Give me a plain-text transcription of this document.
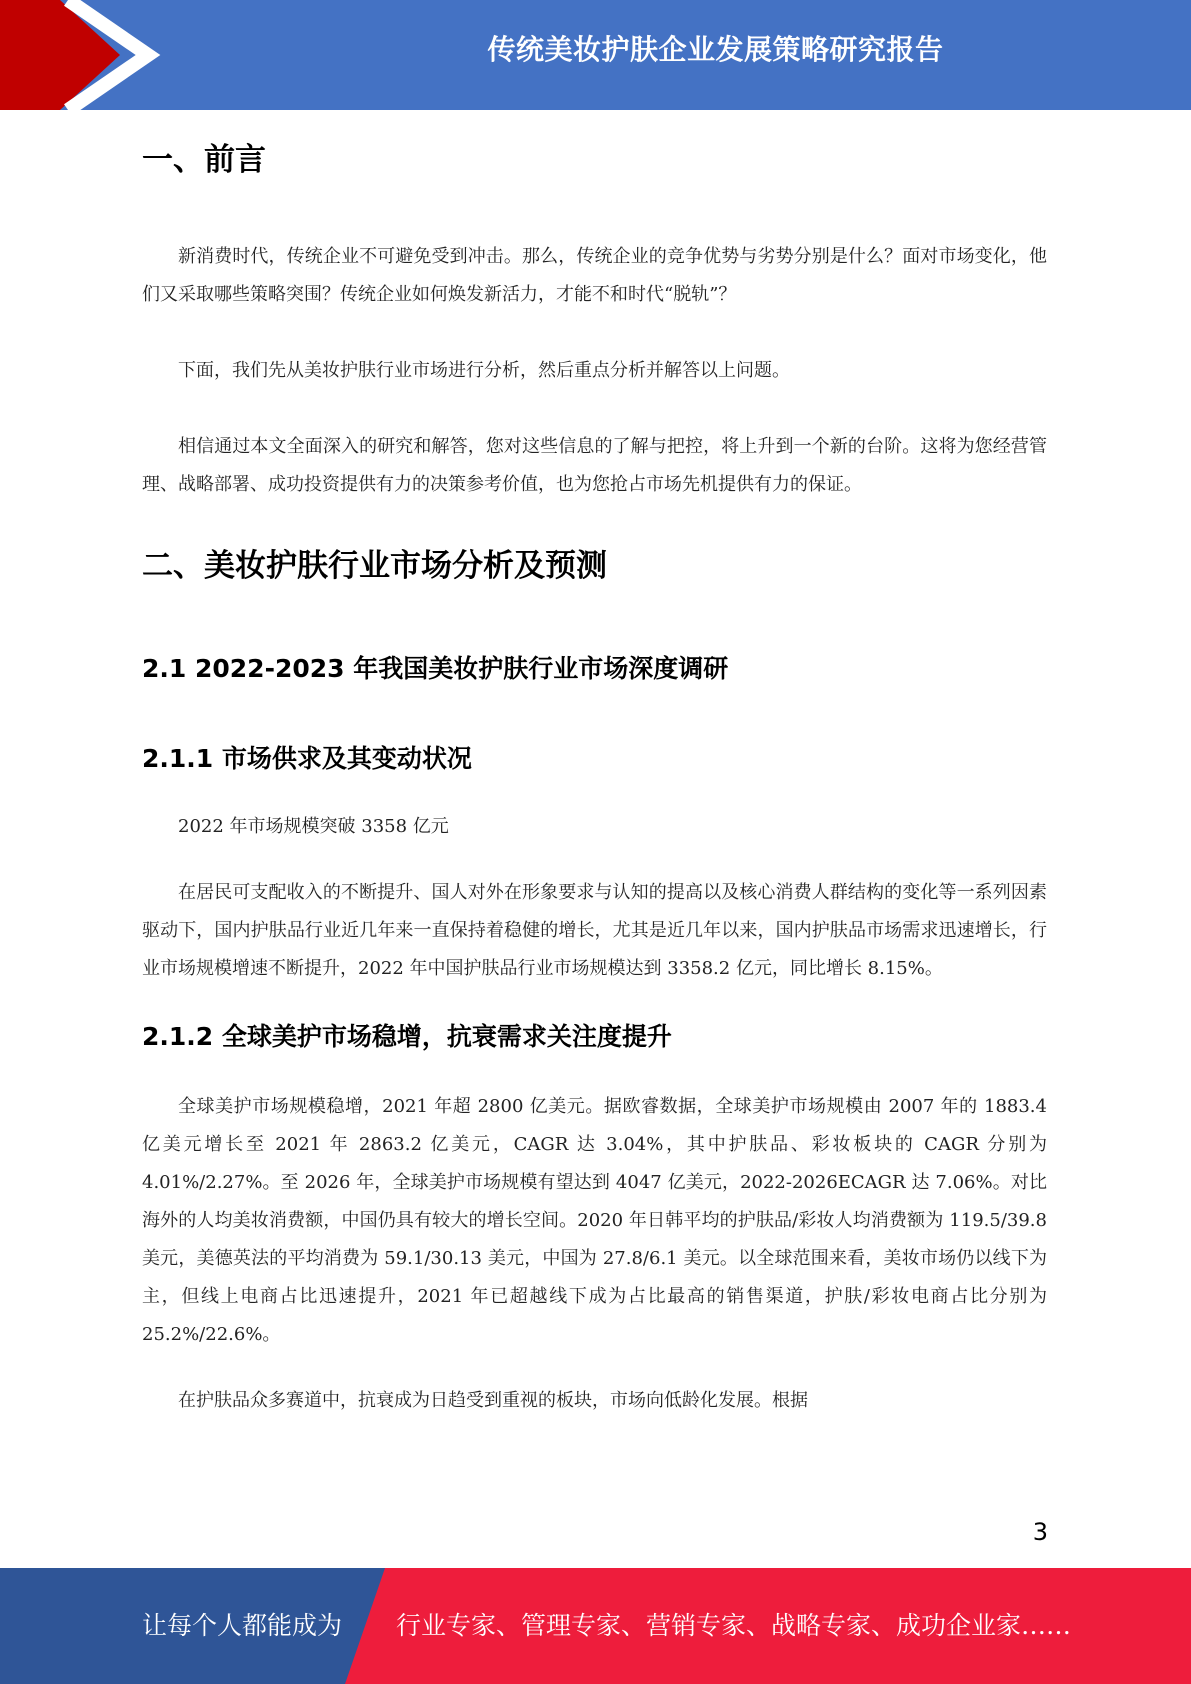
传统美妆护肤企业发展策略研究报告
一、前言

新消费时代，传统企业不可避免受到冲击。那么，传统企业的竞争优势与劣势分别是什么？面对市场变化，他们又采取哪些策略突围？传统企业如何焕发新活力，才能不和时代“脱轨”？

下面，我们先从美妆护肤行业市场进行分析，然后重点分析并解答以上问题。

相信通过本文全面深入的研究和解答，您对这些信息的了解与把控，将上升到一个新的台阶。这将为您经营管理、战略部署、成功投资提供有力的决策参考价值，也为您抢占市场先机提供有力的保证。

二、美妆护肤行业市场分析及预测
2.1 2022-2023 年我国美妆护肤行业市场深度调研
2.1.1 市场供求及其变动状况

2022 年市场规模突破 3358 亿元

在居民可支配收入的不断提升、国人对外在形象要求与认知的提高以及核心消费人群结构的变化等一系列因素驱动下，国内护肤品行业近几年来一直保持着稳健的增长，尤其是近几年以来，国内护肤品市场需求迅速增长，行业市场规模增速不断提升，2022 年中国护肤品行业市场规模达到 3358.2 亿元，同比增长 8.15%。

2.1.2 全球美护市场稳增，抗衰需求关注度提升

全球美护市场规模稳增，2021 年超 2800 亿美元。据欧睿数据，全球美护市场规模由 2007 年的 1883.4 亿美元增长至 2021 年 2863.2 亿美元，CAGR 达 3.04%，其中护肤品、彩妆板块的 CAGR 分别为 4.01%/2.27%。至 2026 年，全球美护市场规模有望达到 4047 亿美元，2022-2026ECAGR 达 7.06%。对比海外的人均美妆消费额，中国仍具有较大的增长空间。2020 年日韩平均的护肤品/彩妆人均消费额为 119.5/39.8 美元，美德英法的平均消费为 59.1/30.13 美元，中国为 27.8/6.1 美元。以全球范围来看，美妆市场仍以线下为主，但线上电商占比迅速提升，2021 年已超越线下成为占比最高的销售渠道，护肤/彩妆电商占比分别为 25.2%/22.6%。

在护肤品众多赛道中，抗衰成为日趋受到重视的板块，市场向低龄化发展。根据

3
让每个人都能成为 行业专家、管理专家、营销专家、战略专家、成功企业家……
